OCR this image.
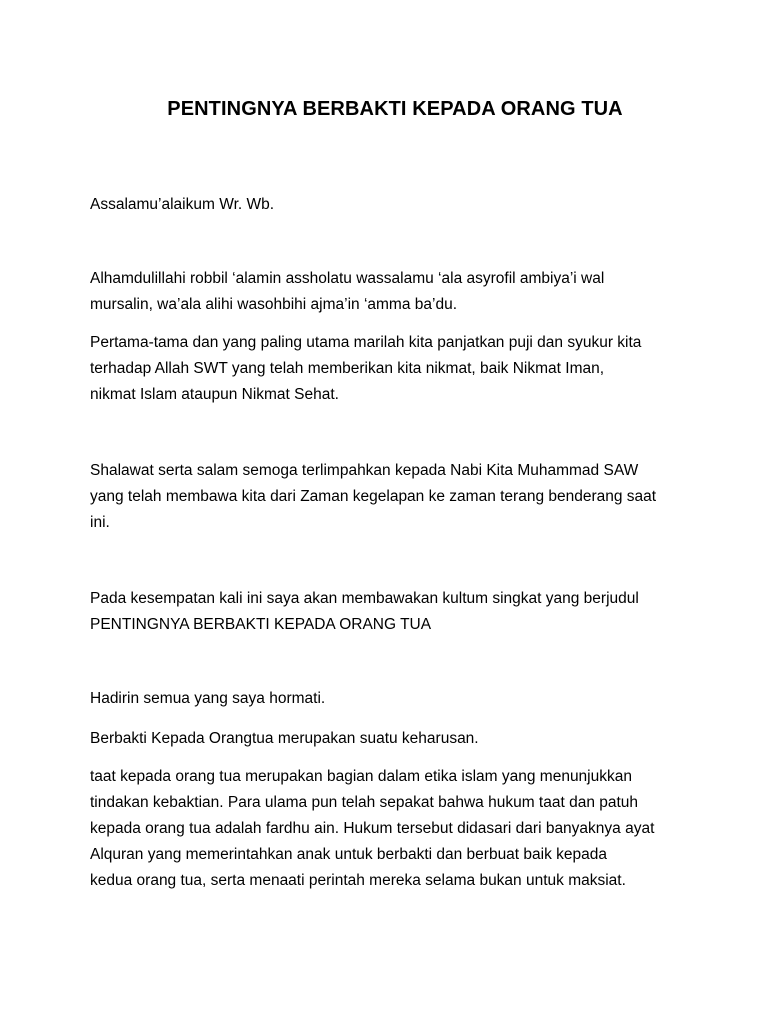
PENTINGNYA BERBAKTI KEPADA ORANG TUA

Assalamu’alaikum Wr. Wb.

Alhamdulillahi robbil ‘alamin assholatu wassalamu ‘ala asyrofil ambiya’i wal
mursalin, wa’ala alihi wasohbihi ajma’in ‘amma ba’du.

Pertama-tama dan yang paling utama marilah kita panjatkan puji dan syukur kita
terhadap Allah SWT yang telah memberikan kita nikmat, baik Nikmat Iman,
nikmat Islam ataupun Nikmat Sehat.

Shalawat serta salam semoga terlimpahkan kepada Nabi Kita Muhammad SAW
yang telah membawa kita dari Zaman kegelapan ke zaman terang benderang saat
ini.

Pada kesempatan kali ini saya akan membawakan kultum singkat yang berjudul
PENTINGNYA BERBAKTI KEPADA ORANG TUA

Hadirin semua yang saya hormati.

Berbakti Kepada Orangtua merupakan suatu keharusan.

taat kepada orang tua merupakan bagian dalam etika islam yang menunjukkan
tindakan kebaktian. Para ulama pun telah sepakat bahwa hukum taat dan patuh
kepada orang tua adalah fardhu ain. Hukum tersebut didasari dari banyaknya ayat
Alquran yang memerintahkan anak untuk berbakti dan berbuat baik kepada
kedua orang tua, serta menaati perintah mereka selama bukan untuk maksiat.
